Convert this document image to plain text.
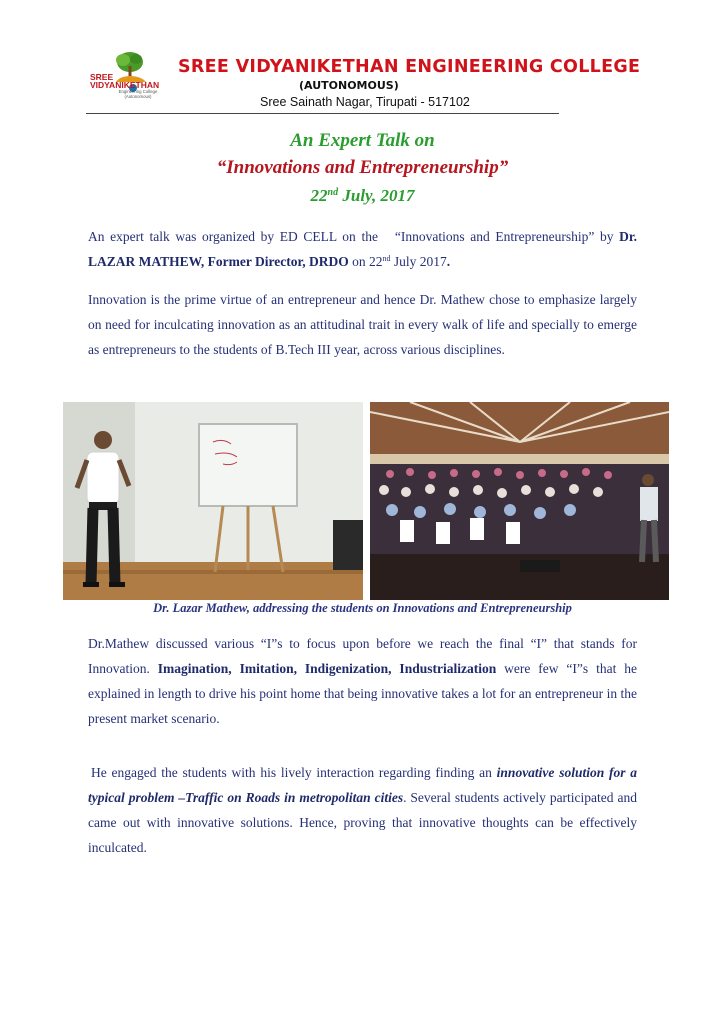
SREE
VIDYANIKETHAN
Engineering College (Autonomous)
SREE VIDYANIKETHAN ENGINEERING COLLEGE
(AUTONOMOUS)
Sree Sainath Nagar, Tirupati - 517102
An Expert Talk on
“Innovations and Entrepreneurship”
22nd July, 2017

An expert talk was organized by ED CELL on the   “Innovations and Entrepreneurship” by Dr. LAZAR MATHEW, Former Director, DRDO on 22nd July 2017.

Innovation is the prime virtue of an entrepreneur and hence Dr. Mathew chose to emphasize largely on need for inculcating innovation as an attitudinal trait in every walk of life and specially to emerge as entrepreneurs to the students of B.Tech III year, across various disciplines.

Dr. Lazar Mathew, addressing the students on Innovations and Entrepreneurship

Dr.Mathew discussed various “I”s to focus upon before we reach the final “I” that stands for Innovation. Imagination, Imitation, Indigenization, Industrialization were few “I”s that he explained in length to drive his point home that being innovative takes a lot for an entrepreneur in the present market scenario.

He engaged the students with his lively interaction regarding finding an innovative solution for a typical problem –Traffic on Roads in metropolitan cities. Several students actively participated and came out with innovative solutions. Hence, proving that innovative thoughts can be effectively inculcated.
